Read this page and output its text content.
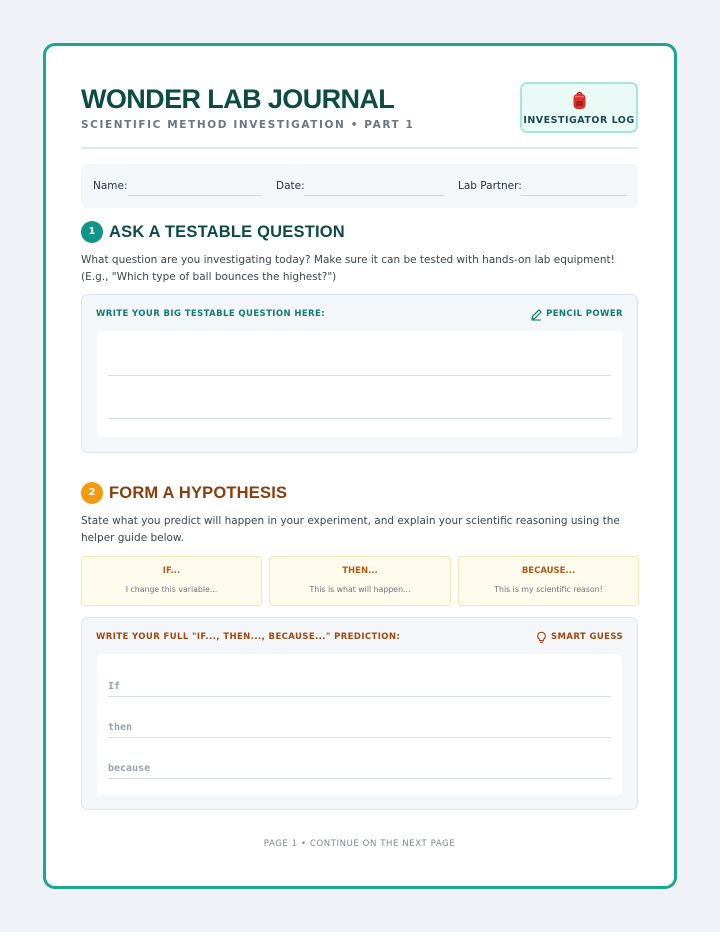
WONDER LAB JOURNAL
SCIENTIFIC METHOD INVESTIGATION • PART 1	INVESTIGATOR LOG
Name:	Date:	Lab Partner:
1 ASK A TESTABLE QUESTION
What question are you investigating today? Make sure it can be tested with hands-on lab equipment! (E.g., "Which type of ball bounces the highest?")
WRITE YOUR BIG TESTABLE QUESTION HERE:	PENCIL POWER
2 FORM A HYPOTHESIS
State what you predict will happen in your experiment, and explain your scientific reasoning using the helper guide below.
IF...
I change this variable...
THEN...
This is what will happen...
BECAUSE...
This is my scientific reason!
WRITE YOUR FULL "IF..., THEN..., BECAUSE..." PREDICTION:	SMART GUESS
If
then
because
PAGE 1 • CONTINUE ON THE NEXT PAGE
